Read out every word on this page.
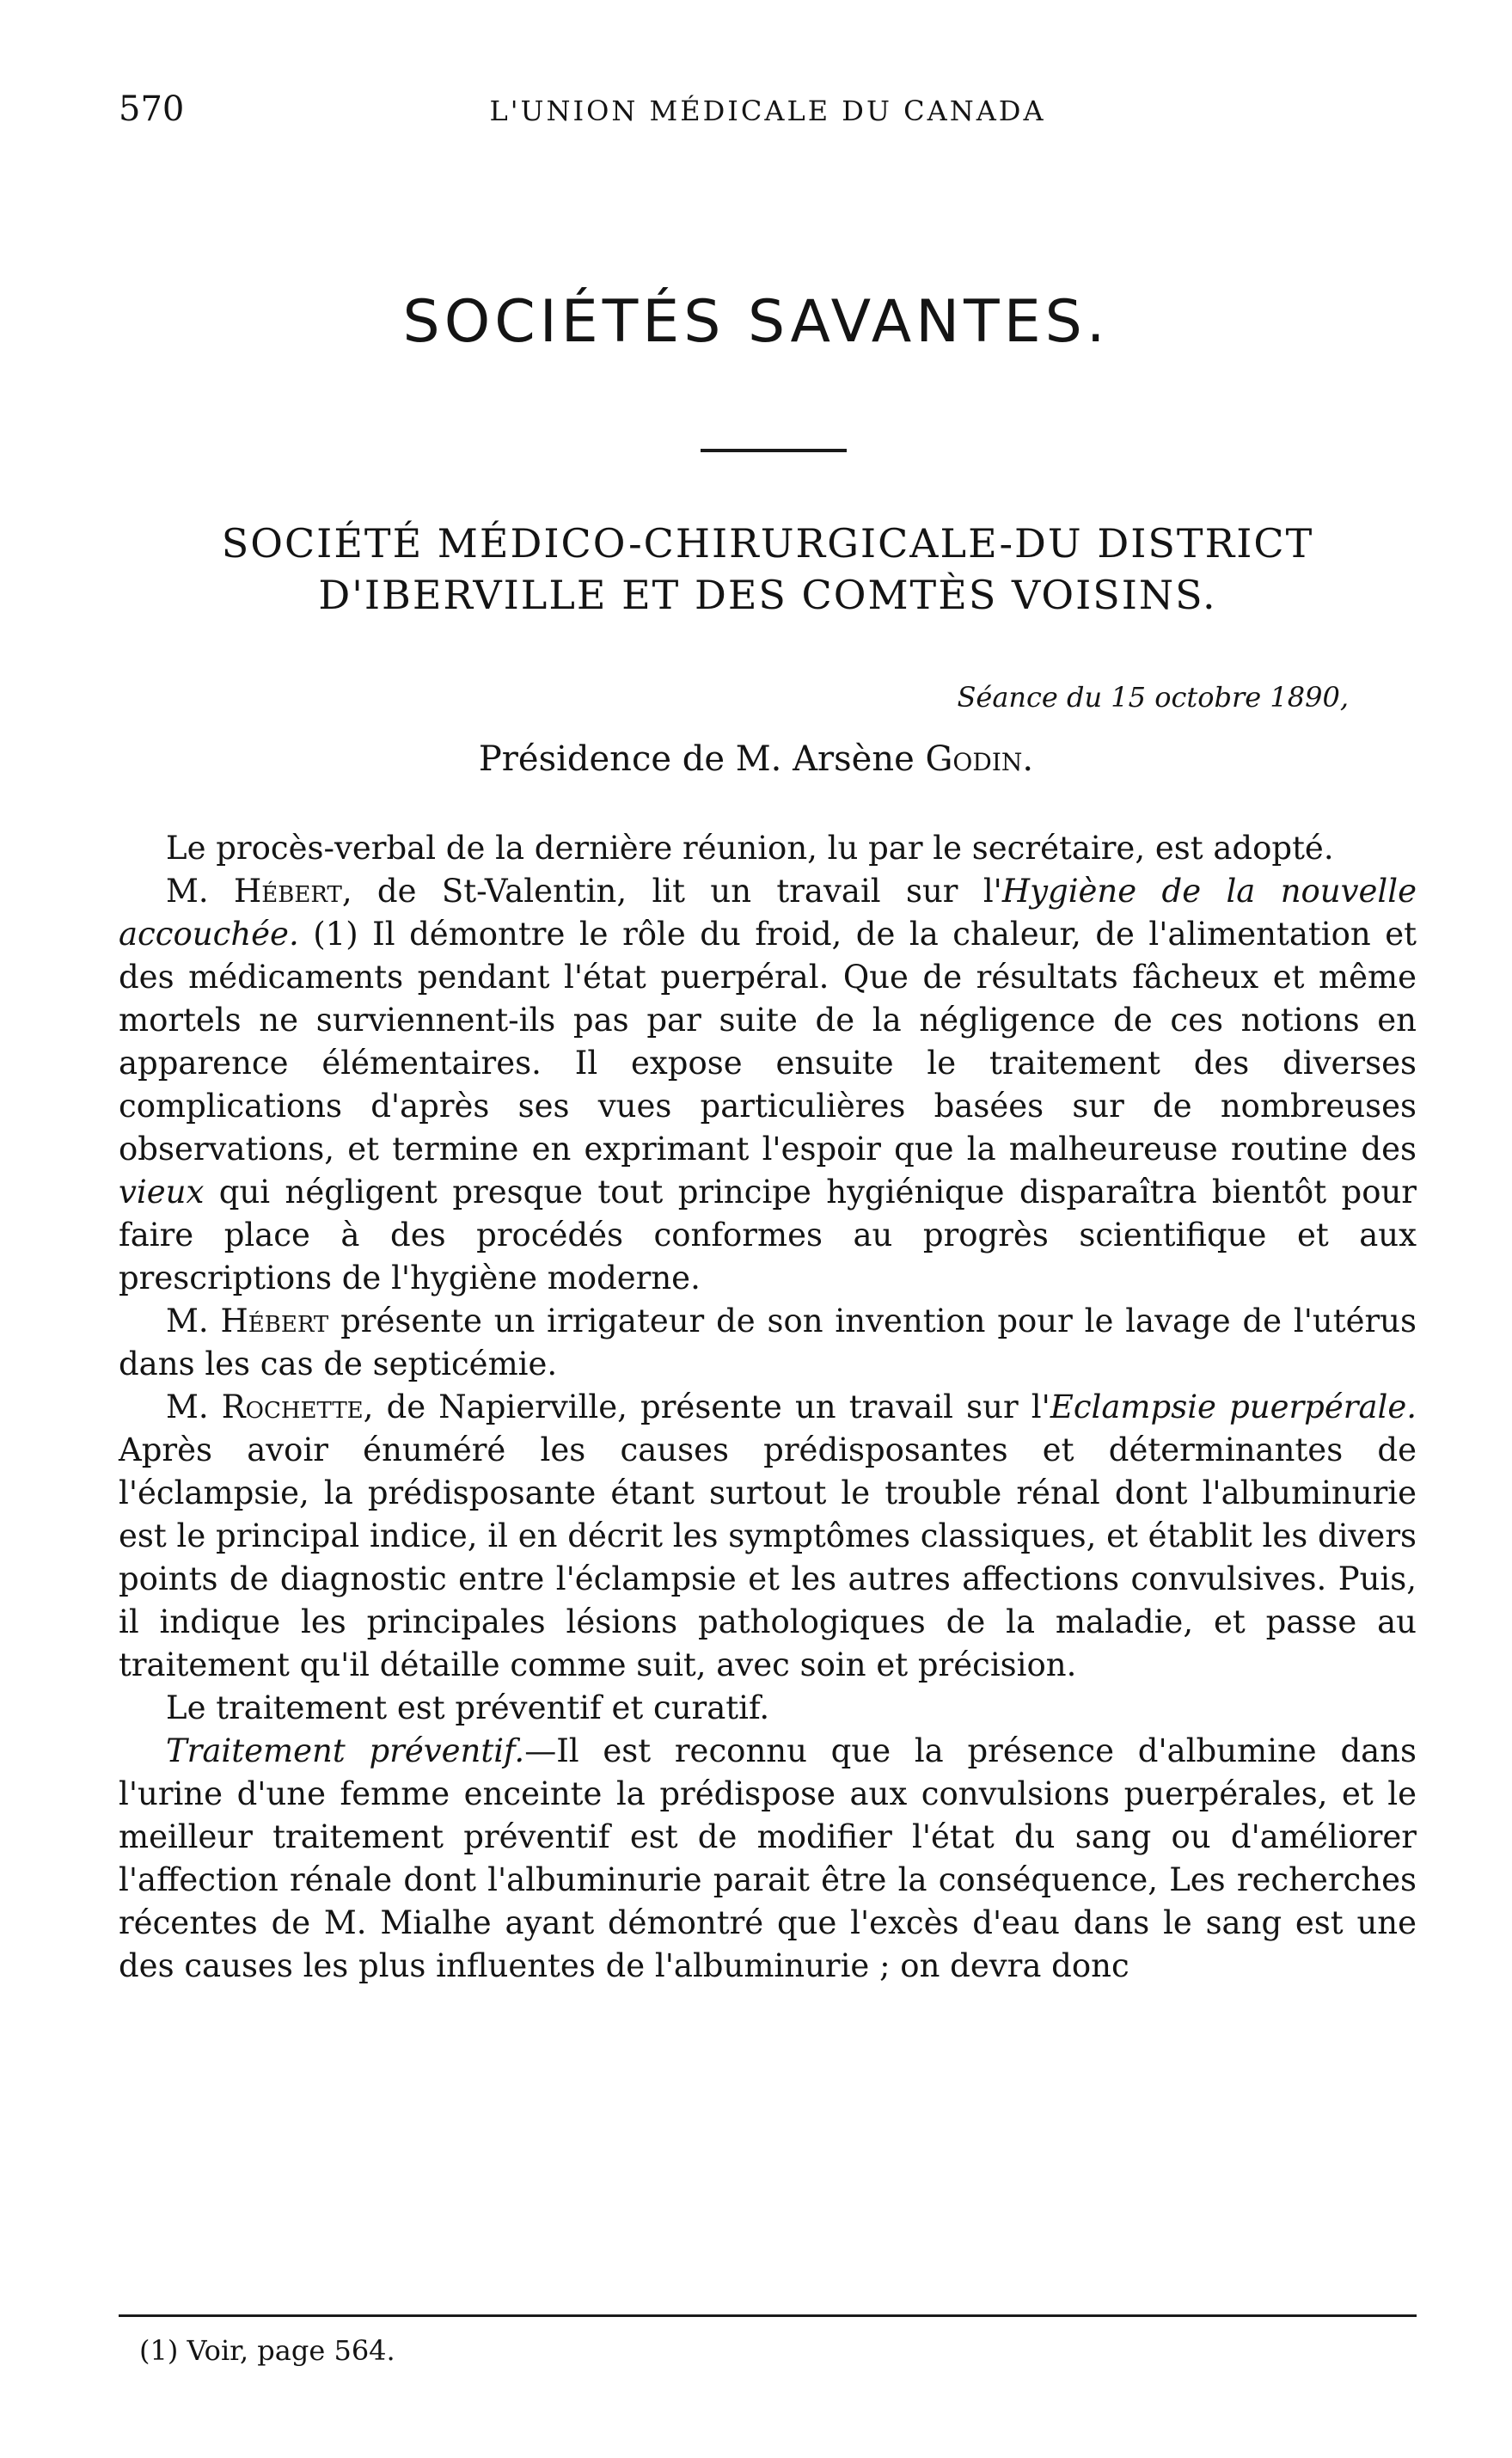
570	L'UNION MÉDICALE DU CANADA
SOCIÉTÉS SAVANTES.
SOCIÉTÉ MÉDICO-CHIRURGICALE-DU DISTRICT
D'IBERVILLE ET DES COMTÈS VOISINS.
Séance du 15 octobre 1890,
Présidence de M. Arsène Godin.

Le procès-verbal de la dernière réunion, lu par le secrétaire, est adopté.

M. Hébert, de St-Valentin, lit un travail sur l'Hygiène de la nouvelle accouchée. (1) Il démontre le rôle du froid, de la chaleur, de l'alimentation et des médicaments pendant l'état puerpéral. Que de résultats fâcheux et même mortels ne surviennent-ils pas par suite de la négligence de ces notions en apparence élémentaires. Il expose ensuite le traitement des diverses complications d'après ses vues particulières basées sur de nombreuses observations, et termine en exprimant l'espoir que la malheureuse routine des vieux qui négligent presque tout principe hygiénique disparaîtra bientôt pour faire place à des procédés conformes au progrès scientifique et aux prescriptions de l'hygiène moderne.

M. Hébert présente un irrigateur de son invention pour le lavage de l'utérus dans les cas de septicémie.

M. Rochette, de Napierville, présente un travail sur l'Eclampsie puerpérale. Après avoir énuméré les causes prédisposantes et déterminantes de l'éclampsie, la prédisposante étant surtout le trouble rénal dont l'albuminurie est le principal indice, il en décrit les symptômes classiques, et établit les divers points de diagnostic entre l'éclampsie et les autres affections convulsives. Puis, il indique les principales lésions pathologiques de la maladie, et passe au traitement qu'il détaille comme suit, avec soin et précision.

Le traitement est préventif et curatif.

Traitement préventif.—Il est reconnu que la présence d'albumine dans l'urine d'une femme enceinte la prédispose aux convulsions puerpérales, et le meilleur traitement préventif est de modifier l'état du sang ou d'améliorer l'affection rénale dont l'albuminurie parait être la conséquence, Les recherches récentes de M. Mialhe ayant démontré que l'excès d'eau dans le sang est une des causes les plus influentes de l'albuminurie ; on devra donc

(1) Voir, page 564.
